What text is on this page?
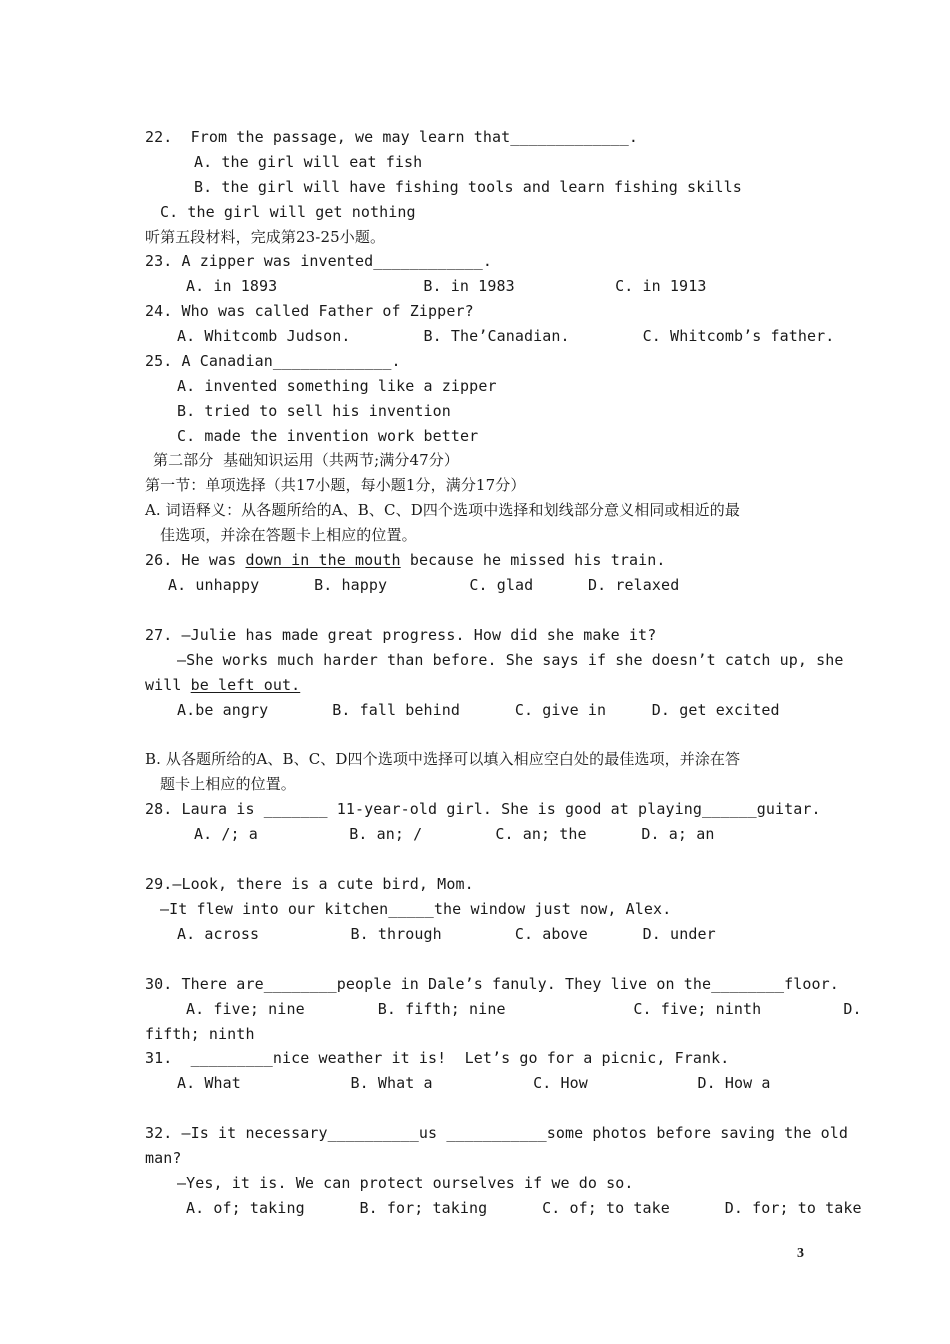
22.  From the passage, we may learn that_____________.
A. the girl will eat fish
B. the girl will have fishing tools and learn fishing skills
C. the girl will get nothing
听第五段材料，完成第23-25小题。
23. A zipper was invented____________.
A. in 1893                B. in 1983           C. in 1913
24. Who was called Father of Zipper?
A. Whitcomb Judson.        B. The’Canadian.        C. Whitcomb’s father.
25. A Canadian_____________.
A. invented something like a zipper
B. tried to sell his invention
C. made the invention work better
第二部分  基础知识运用（共两节;满分47分）
第一节：单项选择（共17小题，每小题1分，满分17分）
A. 词语释义：从各题所给的A、B、C、D四个选项中选择和划线部分意义相同或相近的最
佳选项，并涂在答题卡上相应的位置。
26. He was down in the mouth because he missed his train.
A. unhappy      B. happy         C. glad      D. relaxed
27. —Julie has made great progress. How did she make it?
—She works much harder than before. She says if she doesn’t catch up, she
will be left out.
A.be angry       B. fall behind      C. give in     D. get excited
B. 从各题所给的A、B、C、D四个选项中选择可以填入相应空白处的最佳选项，并涂在答
题卡上相应的位置。
28. Laura is _______ 11-year-old girl. She is good at playing______guitar.
A. /; a          B. an; /        C. an; the      D. a; an
29.—Look, there is a cute bird, Mom.
—It flew into our kitchen_____the window just now, Alex.
A. across          B. through        C. above      D. under
30. There are________people in Dale’s fanuly. They live on the________floor.
A. five; nine        B. fifth; nine              C. five; ninth         D.
fifth; ninth
31.  _________nice weather it is!  Let’s go for a picnic, Frank.
A. What            B. What a           C. How            D. How a
32. —Is it necessary__________us ___________some photos before saving the old
man?
—Yes, it is. We can protect ourselves if we do so.
A. of; taking      B. for; taking      C. of; to take      D. for; to take
3
